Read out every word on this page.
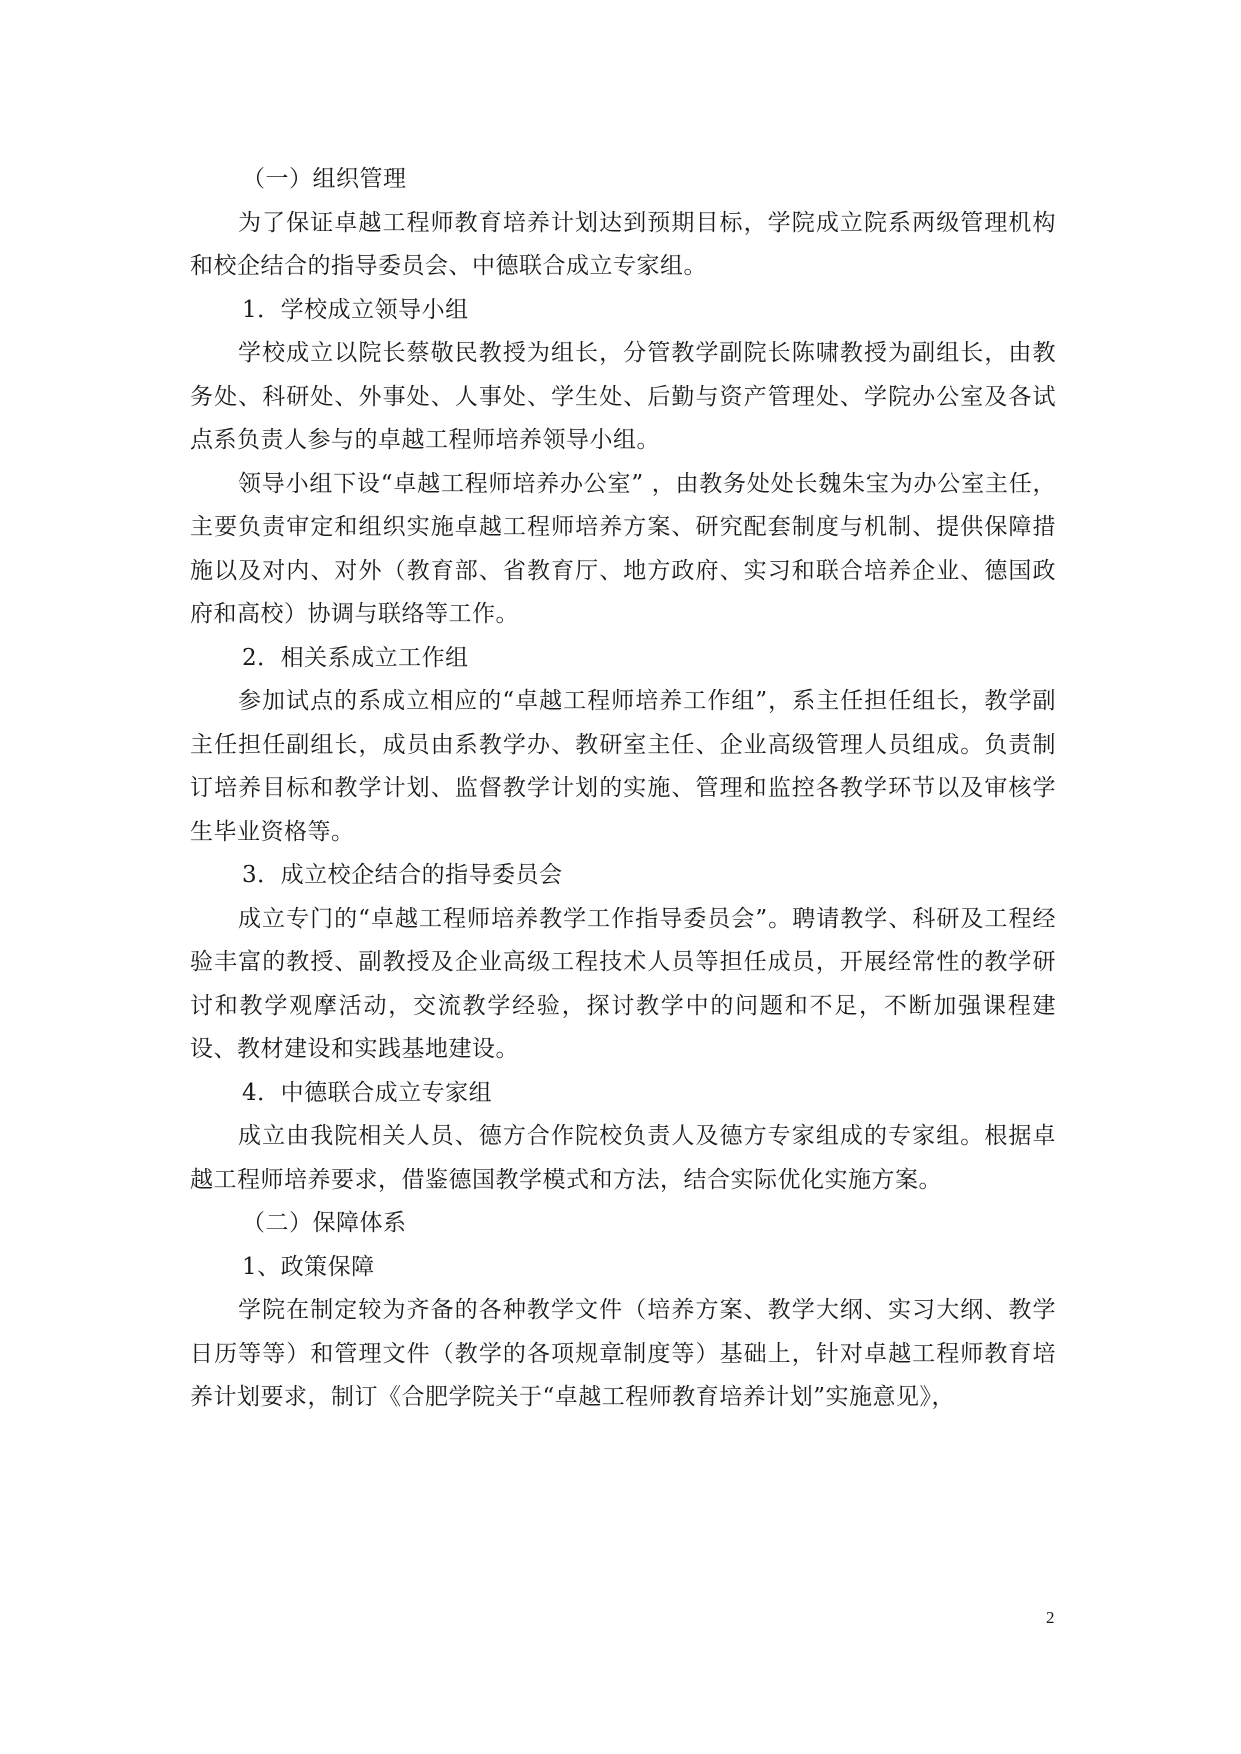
（一）组织管理

为了保证卓越工程师教育培养计划达到预期目标，学院成立院系两级管理机构和校企结合的指导委员会、中德联合成立专家组。

1．学校成立领导小组

学校成立以院长蔡敬民教授为组长，分管教学副院长陈啸教授为副组长，由教务处、科研处、外事处、人事处、学生处、后勤与资产管理处、学院办公室及各试点系负责人参与的卓越工程师培养领导小组。

领导小组下设“卓越工程师培养办公室” ，由教务处处长魏朱宝为办公室主任，主要负责审定和组织实施卓越工程师培养方案、研究配套制度与机制、提供保障措施以及对内、对外（教育部、省教育厅、地方政府、实习和联合培养企业、德国政府和高校）协调与联络等工作。

2．相关系成立工作组

参加试点的系成立相应的“卓越工程师培养工作组”，系主任担任组长，教学副主任担任副组长，成员由系教学办、教研室主任、企业高级管理人员组成。负责制订培养目标和教学计划、监督教学计划的实施、管理和监控各教学环节以及审核学生毕业资格等。

3．成立校企结合的指导委员会

成立专门的“卓越工程师培养教学工作指导委员会”。聘请教学、科研及工程经验丰富的教授、副教授及企业高级工程技术人员等担任成员，开展经常性的教学研讨和教学观摩活动，交流教学经验，探讨教学中的问题和不足，不断加强课程建设、教材建设和实践基地建设。

4．中德联合成立专家组

成立由我院相关人员、德方合作院校负责人及德方专家组成的专家组。根据卓越工程师培养要求，借鉴德国教学模式和方法，结合实际优化实施方案。

（二）保障体系

1、政策保障

学院在制定较为齐备的各种教学文件（培养方案、教学大纲、实习大纲、教学日历等等）和管理文件（教学的各项规章制度等）基础上，针对卓越工程师教育培养计划要求，制订《合肥学院关于“卓越工程师教育培养计划”实施意见》，

2
